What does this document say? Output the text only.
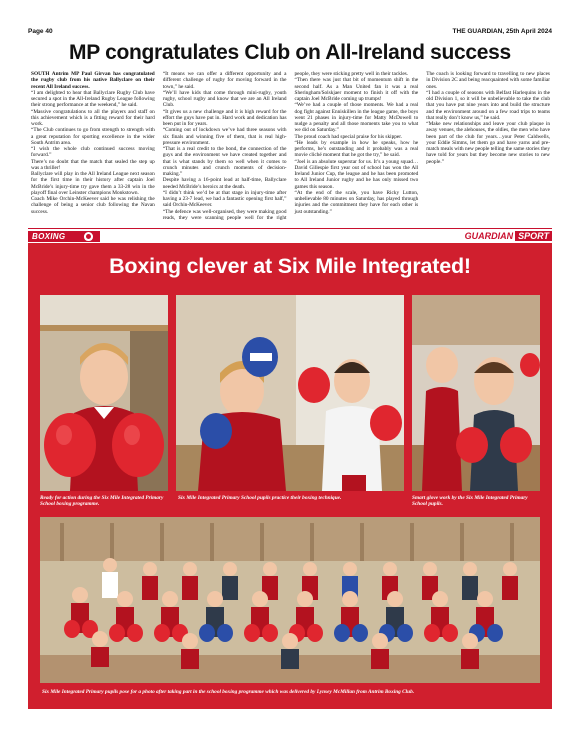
Page 40	THE GUARDIAN, 25th April 2024
MP congratulates Club on All-Ireland success

SOUTH Antrim MP Paul Girvan has congratulated the rugby club from his native Ballyclare on their recent All Ireland success.

“I am delighted to hear that Ballyclare Rugby Club have secured a spot in the All-Ireland Rugby League following their strong performance at the weekend,” he said.

“Massive congratulations to all the players and staff on this achievement which is a fitting reward for their hard work.

“The Club continues to go from strength to strength with a great reputation for sporting excellence in the wider South Antrim area.

“I wish the whole club continued success moving forward.”

There’s no doubt that the match that sealed the step up was a thriller!

Ballyclare will play in the All Ireland League next season for the first time in their history after captain Joel McBride’s injury-time try gave them a 33-28 win in the playoff final over Leinster champions Monkstown.

Coach Mike Orchin-McKeever said he was relishing the challenge of being a senior club following the Navan success.

“It means we can offer a different opportunity and a different challenge of rugby for moving forward in the town,” he said.

“We’ll have kids that come through mini-rugby, youth rugby, school rugby and know that we are an All Ireland Club.

“It gives us a new challenge and it is high reward for the effort the guys have put in. Hard work and dedication has been put in for years.

“Coming out of lockdown we’ve had three seasons with six finals and winning five of them, that is real high-pressure environment.

“That is a real credit to the bond, the connection of the guys and the environment we have created together and that is what stands by them so well when it comes to crunch minutes and crunch moments of decision-making.”

Despite having a 16-point lead at half-time, Ballyclare needed McBride’s heroics at the death.

“I didn’t think we’d be at that stage in injury-time after having a 23-7 lead, we had a fantastic opening first half,” said Orchin-McKeever.

“The defence was well-organised, they were making good reads, they were scanning people well for the right people, they were sticking pretty well in their tackles.

“Then there was just that bit of momentum shift in the second half. As a Man United fan it was a real Sheringham/Solskjaer moment to finish it off with the captain Joel McBride coming up trumps!

“We’ve had a couple of those moments. We had a real dog fight against Enniskillen in the league game, the boys went 21 phases in injury-time for Matty McDowell to nudge a penalty and all those moments take you to what we did on Saturday.”

The proud coach had special praise for his skipper.

“He leads by example in how he speaks, how he performs, he’s outstanding and it probably was a real movie cliché moment that he got the try,” he said.

“Joel is an absolute superstar for us. It’s a young squad…David Gillespie first year out of school has won the All Ireland Junior Cup, the league and he has been promoted to All Ireland Junior rugby and he has only missed two games this season.

“At the end of the scale, you have Ricky Lutton, unbelievable 80 minutes on Saturday, has played through injuries and the commitment they have for each other is just outstanding.”

The coach is looking forward to travelling to new places in Division 2C and being reacquainted with some familiar ones.

“I had a couple of seasons with Belfast Harlequins in the old Division 1, so it will be unbelievable to take the club that you have put nine years into and build the structure and the environment around on a few road trips to teams that really don’t know us,” he said.

“Make new relationships and leave your club plaque in away venues, the alehouses, the oldies, the men who have been part of the club for years…your Peter Caldwells, your Eddie Simms, let them go and have yarns and pre-match meals with new people telling the same stories they have told for years but they become new stories to new people.”

BOXING	GUARDIAN SPORT
Boxing clever at Six Mile Integrated!
Ready for action during the Six Mile Integrated Primary School boxing programme.
Six Mile Integrated Primary School pupils practice their boxing technique.	Smart glove work by the Six Mile Integrated Primary School pupils.
Six Mile Integrated Primary pupils pose for a photo after taking part in the school boxing programme which was delivered by Lynsey McMillan from Antrim Boxing Club.
